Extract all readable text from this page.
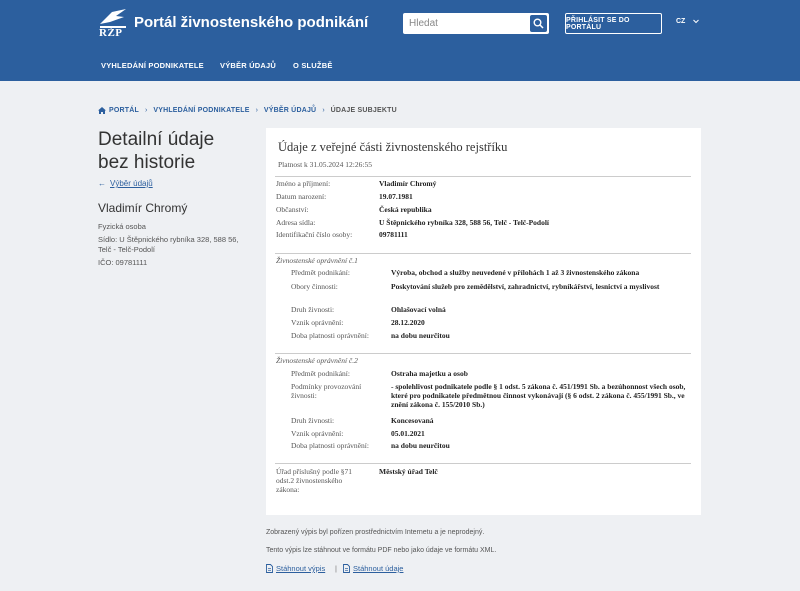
RŽP
Portál živnostenského podnikání
Hledat	PŘIHLÁSIT SE DO PORTÁLU
CZ
VYHLEDÁNÍ PODNIKATELE VÝBĚR ÚDAJŮ O SLUŽBĚ
PORTÁL › VYHLEDÁNÍ PODNIKATELE › VÝBĚR ÚDAJŮ › ÚDAJE SUBJEKTU
Detailní údaje
bez historie
← Výběr údajů
Vladimír Chromý
Fyzická osoba
Sídlo: U Štěpnického rybníka 328, 588 56, Telč - Telč-Podolí
IČO: 09781111
Údaje z veřejné části živnostenského rejstříku
Platnost k 31.05.2024 12:26:55
Jméno a příjmení:	Vladimír Chromý
Datum narození:	19.07.1981
Občanství:	Česká republika
Adresa sídla:	U Štěpnického rybníka 328, 588 56, Telč - Telč-Podolí
Identifikační číslo osoby:	09781111
Živnostenské oprávnění č.1
Předmět podnikání:	Výroba, obchod a služby neuvedené v přílohách 1 až 3 živnostenského zákona
Obory činnosti:	Poskytování služeb pro zemědělství, zahradnictví, rybníkářství, lesnictví a myslivost
Druh živnosti:	Ohlašovací volná
Vznik oprávnění:	28.12.2020
Doba platnosti oprávnění:	na dobu neurčitou
Živnostenské oprávnění č.2
Předmět podnikání:	Ostraha majetku a osob
Podmínky provozování živnosti:
- spolehlivost podnikatele podle § 1 odst. 5 zákona č. 451/1991 Sb. a bezúhonnost všech osob, které pro podnikatele předmětnou činnost vykonávají (§ 6 odst. 2 zákona č. 455/1991 Sb., ve znění zákona č. 155/2010 Sb.)
Druh živnosti:	Koncesovaná
Vznik oprávnění:	05.01.2021
Doba platnosti oprávnění:	na dobu neurčitou
Úřad příslušný podle §71 odst.2 živnostenského zákona:
Městský úřad Telč
Zobrazený výpis byl pořízen prostřednictvím Internetu a je neprodejný.
Tento výpis lze stáhnout ve formátu PDF nebo jako údaje ve formátu XML.
Stáhnout výpis | Stáhnout údaje
